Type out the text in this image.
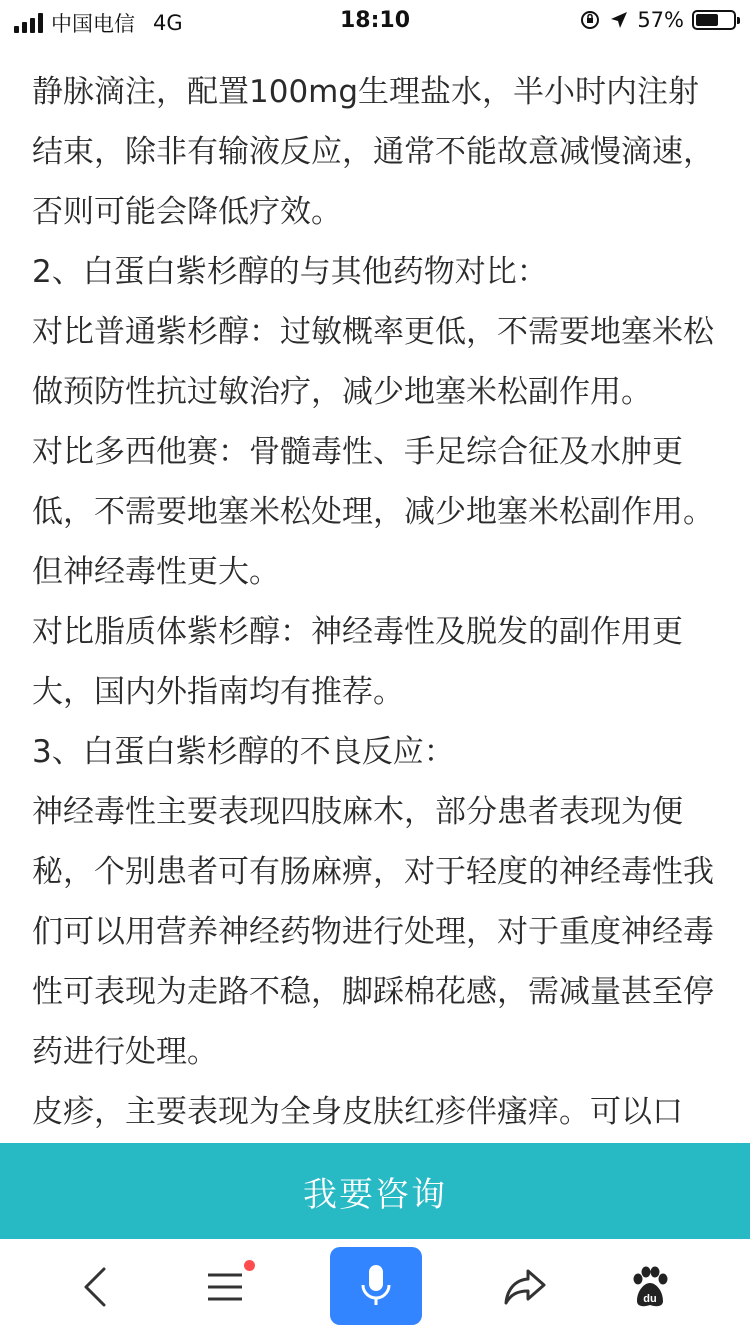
中国电信 4G	18:10	57%

静脉滴注，配置100mg生理盐水，半小时内注射结束，除非有输液反应，通常不能故意减慢滴速，否则可能会降低疗效。

2、白蛋白紫杉醇的与其他药物对比：

对比普通紫杉醇：过敏概率更低，不需要地塞米松做预防性抗过敏治疗，减少地塞米松副作用。

对比多西他赛：骨髓毒性、手足综合征及水肿更低，不需要地塞米松处理，减少地塞米松副作用。但神经毒性更大。

对比脂质体紫杉醇：神经毒性及脱发的副作用更大，国内外指南均有推荐。

3、白蛋白紫杉醇的不良反应：

神经毒性主要表现四肢麻木，部分患者表现为便秘，个别患者可有肠麻痹，对于轻度的神经毒性我们可以用营养神经药物进行处理，对于重度神经毒性可表现为走路不稳，脚踩棉花感，需减量甚至停药进行处理。

皮疹，主要表现为全身皮肤红疹伴瘙痒。可以口

我要咨询
du
